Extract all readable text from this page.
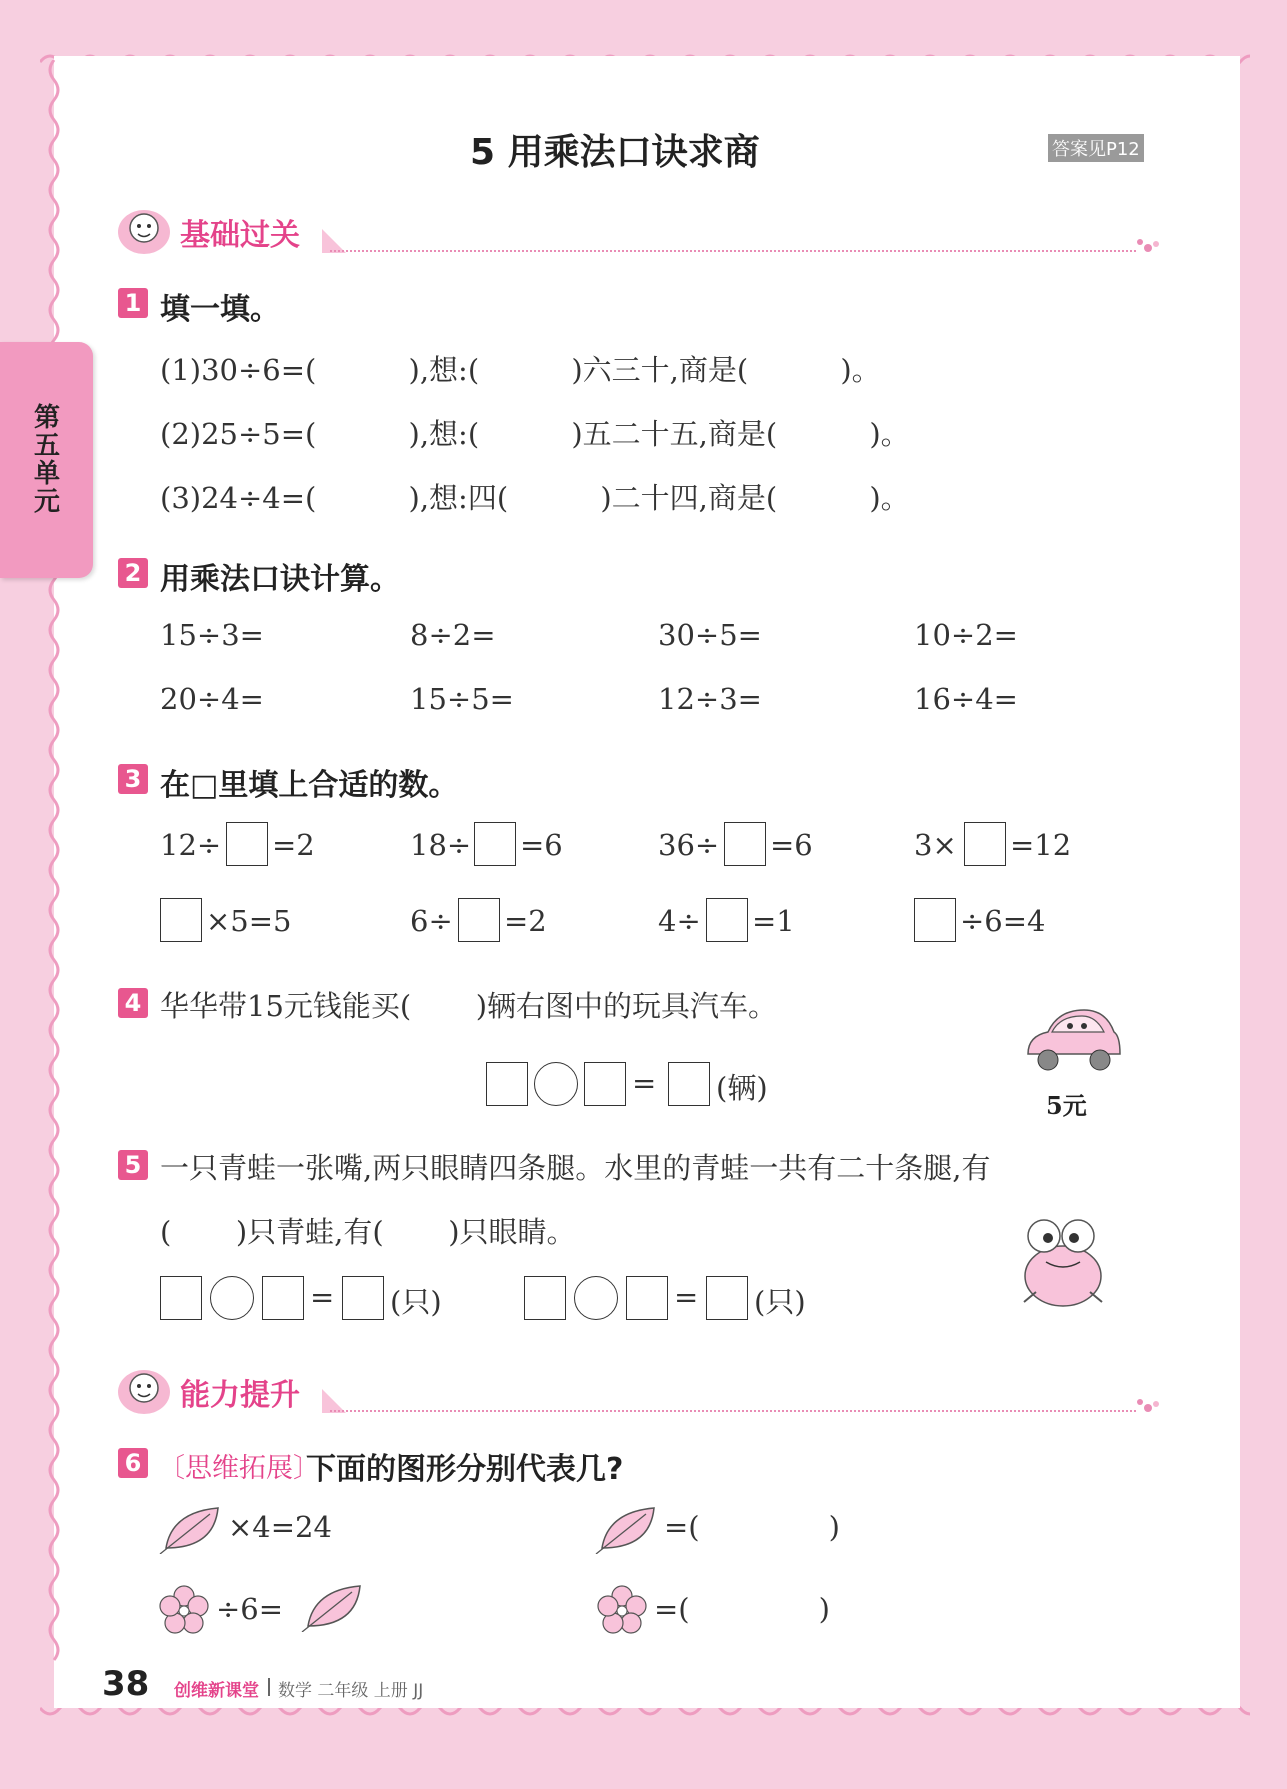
第五单元
5 用乘法口诀求商	答案见P12
基础过关
1 填一填。
(1)30÷6=(          ),想:(          )六三十,商是(          )。
(2)25÷5=(          ),想:(          )五二十五,商是(          )。
(3)24÷4=(          ),想:四(          )二十四,商是(          )。
2 用乘法口诀计算。
15÷3=	8÷2=	30÷5=	10÷2=
20÷4=	15÷5=	12÷3=	16÷4=
3 在□里填上合适的数。
12÷ =2	18÷ =6	36÷ =6	3× =12
×5=5	6÷ =2	4÷ =1	÷6=4
4 华华带15元钱能买(       )辆右图中的玩具汽车。
= (辆)
5元
5 一只青蛙一张嘴,两只眼睛四条腿。水里的青蛙一共有二十条腿,有
(       )只青蛙,有(       )只眼睛。
= (只)	= (只)
能力提升
6 〔思维拓展〕
下面的图形分别代表几?
×4=24	=(              )
÷6=	=(              )
38 创维新课堂 数学 二年级 上册 JJ
